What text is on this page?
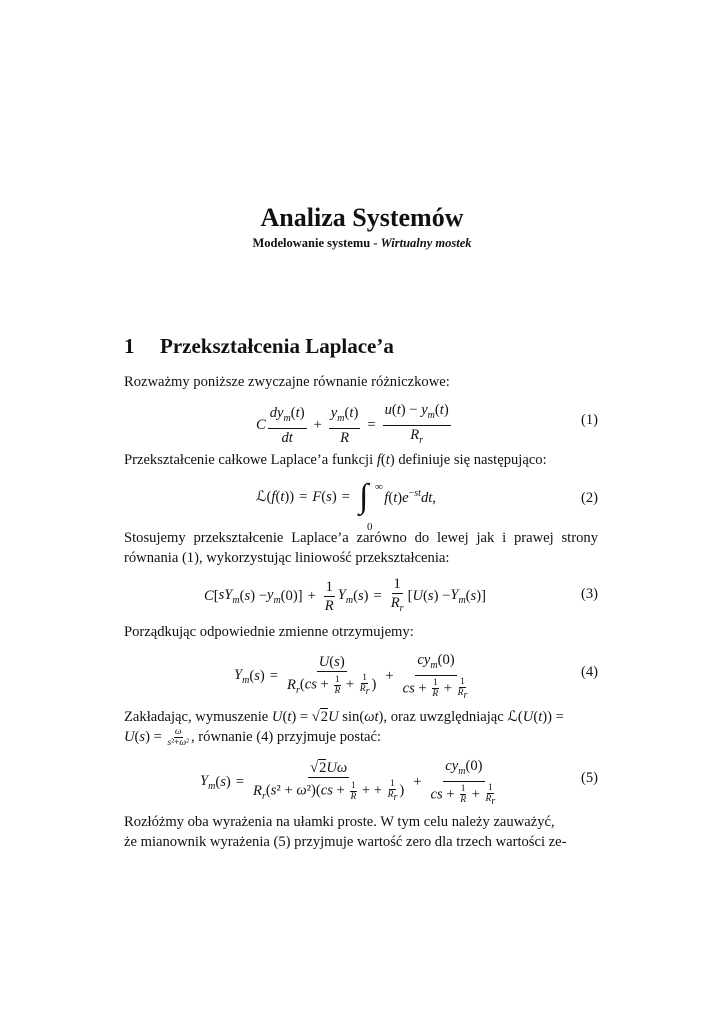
Analiza Systemów
Modelowanie systemu - Wirtualny mostek
1 Przekształcenia Laplace’a
Rozważmy poniższe zwyczajne równanie różniczkowe:
C $\frac{dy_m(t)}{dt} + \frac{y_m(t)}{R} = \frac{u(t) - y_m(t)}{R_r}$	(1)
Przekształcenie całkowe Laplace’a funkcji f(t) definiuje się następująco:
ℒ(f(t)) = F ( s ) = ∫ ∞
0
$f(t)e^{-st}dt$,	(2)
Stosujemy przekształcenie Laplace’a zarówno do lewej jak i prawej strony równania (1), wykorzystując liniowość przekształcenia:
C [ $sY_m$ ( s ) − $y_m$ $(0)] + \frac{1}{R} Y_m$ ( s ) = $\frac{1}{R_r}$ [ U ( s ) − $Y_m$ ( s )]	(3)
Porządkując odpowiednie zmienne otrzymujemy:
$Y_m$ ( s ) = $\frac{U(s)}{R_r(cs + \frac{1}{R} + \frac{1}{R_r} )} + \frac{cy_m(0)}{cs + \frac{1}{R} + \frac{1}{R_r}}$	(4)
Zakładając, wymuszenie U(t) = √2U sin(ωt), oraz uwzględniając ℒ(U(t)) =
$U(s) = \frac{\omega}{\text{s²+ω²}}$ , równanie (4) przyjmuje postać:
$Y_m$ ( s ) = $\frac{√2U\omega}{R_r(s^2 + \omega^2)(cs + \frac{1}{R} + + \frac{1}{R_r} )} + \frac{cy_m(0)}{cs + \frac{1}{R} + \frac{1}{R_r}}$	(5)
Rozłóżmy oba wyrażenia na ułamki proste. W tym celu należy zauważyć,
że mianownik wyrażenia (5) przyjmuje wartość zero dla trzech wartości ze-
